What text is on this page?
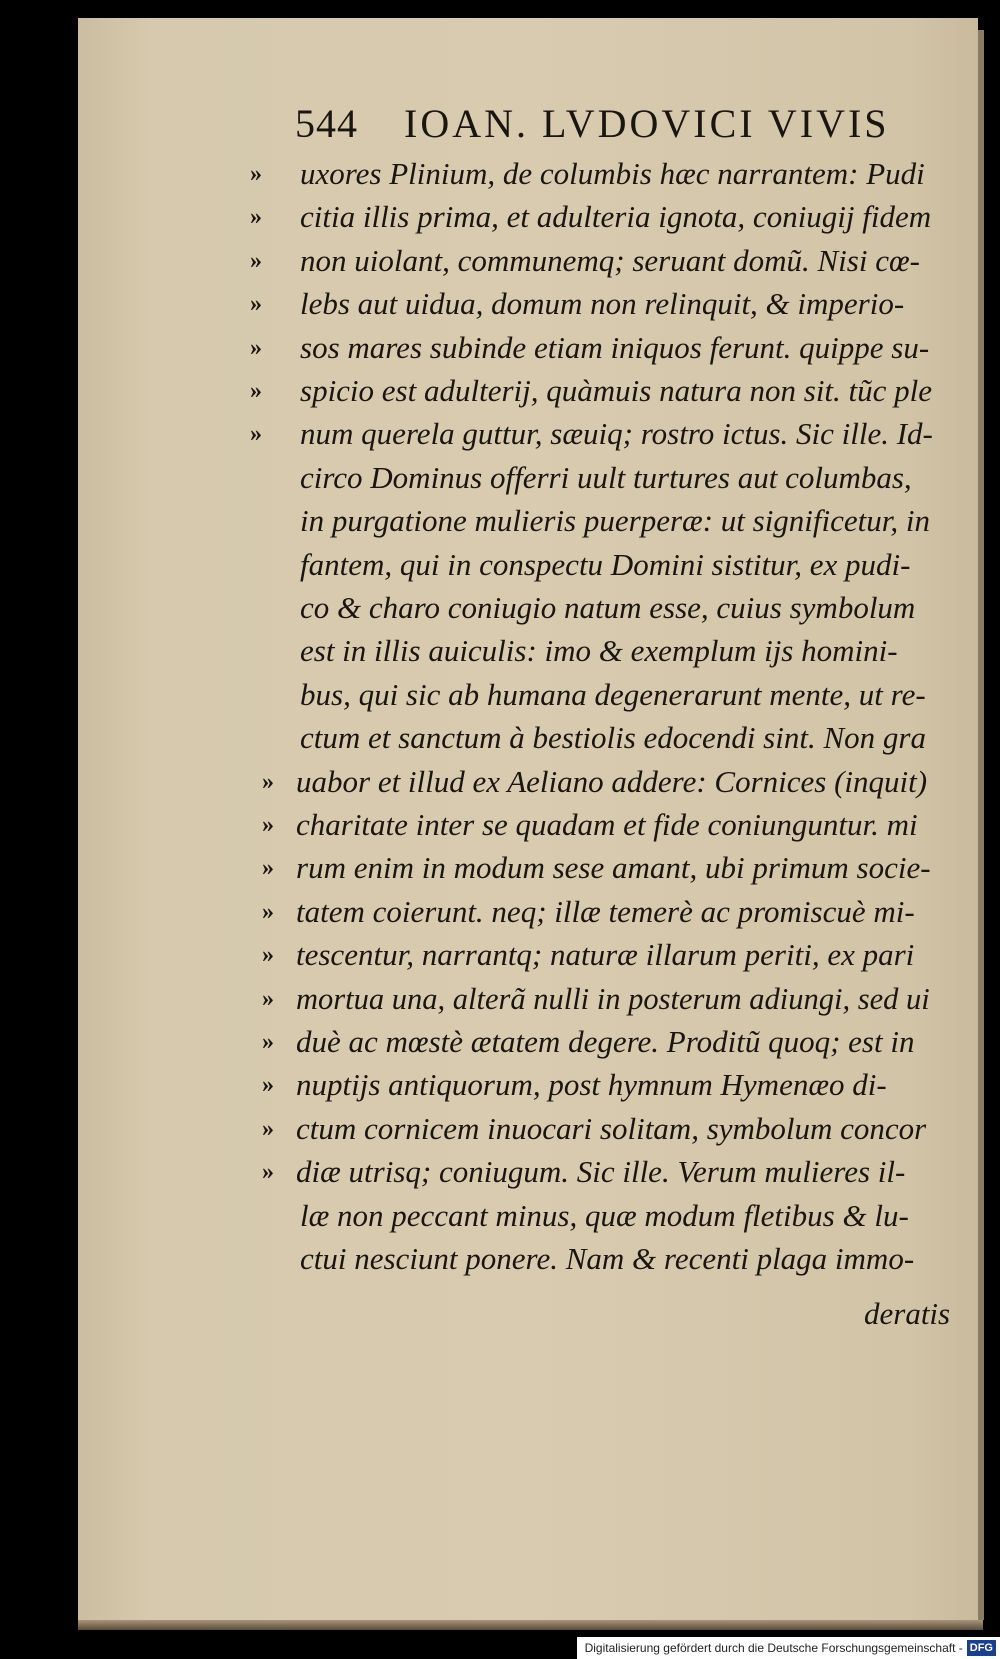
544 IOAN. LVDOVICI VIVIS
» uxores Plinium, de columbis hæc narrantem: Pudi
» citia illis prima, et adulteria ignota, coniugij fidem
» non uiolant, communemq; seruant domũ. Nisi cœ-
» lebs aut uidua, domum non relinquit, & imperio-
» sos mares subinde etiam iniquos ferunt. quippe su-
» spicio est adulterij, quàmuis natura non sit. tũc ple
» num querela guttur, sæuiq; rostro ictus. Sic ille. Id-
circo Dominus offerri uult turtures aut columbas,
in purgatione mulieris puerperæ: ut significetur, in
fantem, qui in conspectu Domini sistitur, ex pudi-
co & charo coniugio natum esse, cuius symbolum
est in illis auiculis: imo & exemplum ijs homini-
bus, qui sic ab humana degenerarunt mente, ut re-
ctum et sanctum à bestiolis edocendi sint. Non gra
» uabor et illud ex Aeliano addere: Cornices (inquit)
» charitate inter se quadam et fide coniunguntur. mi
» rum enim in modum sese amant, ubi primum socie-
» tatem coierunt. neq; illæ temerè ac promiscuè mi-
» tescentur, narrantq; naturæ illarum periti, ex pari
» mortua una, alterã nulli in posterum adiungi, sed ui
» duè ac mœstè ætatem degere. Proditũ quoq; est in
» nuptijs antiquorum, post hymnum Hymenæo di-
» ctum cornicem inuocari solitam, symbolum concor
» diæ utrisq; coniugum. Sic ille. Verum mulieres il-
læ non peccant minus, quæ modum fletibus & lu-
ctui nesciunt ponere. Nam & recenti plaga immo-
deratis
Digitalisierung gefördert durch die Deutsche Forschungsgemeinschaft - DFG
